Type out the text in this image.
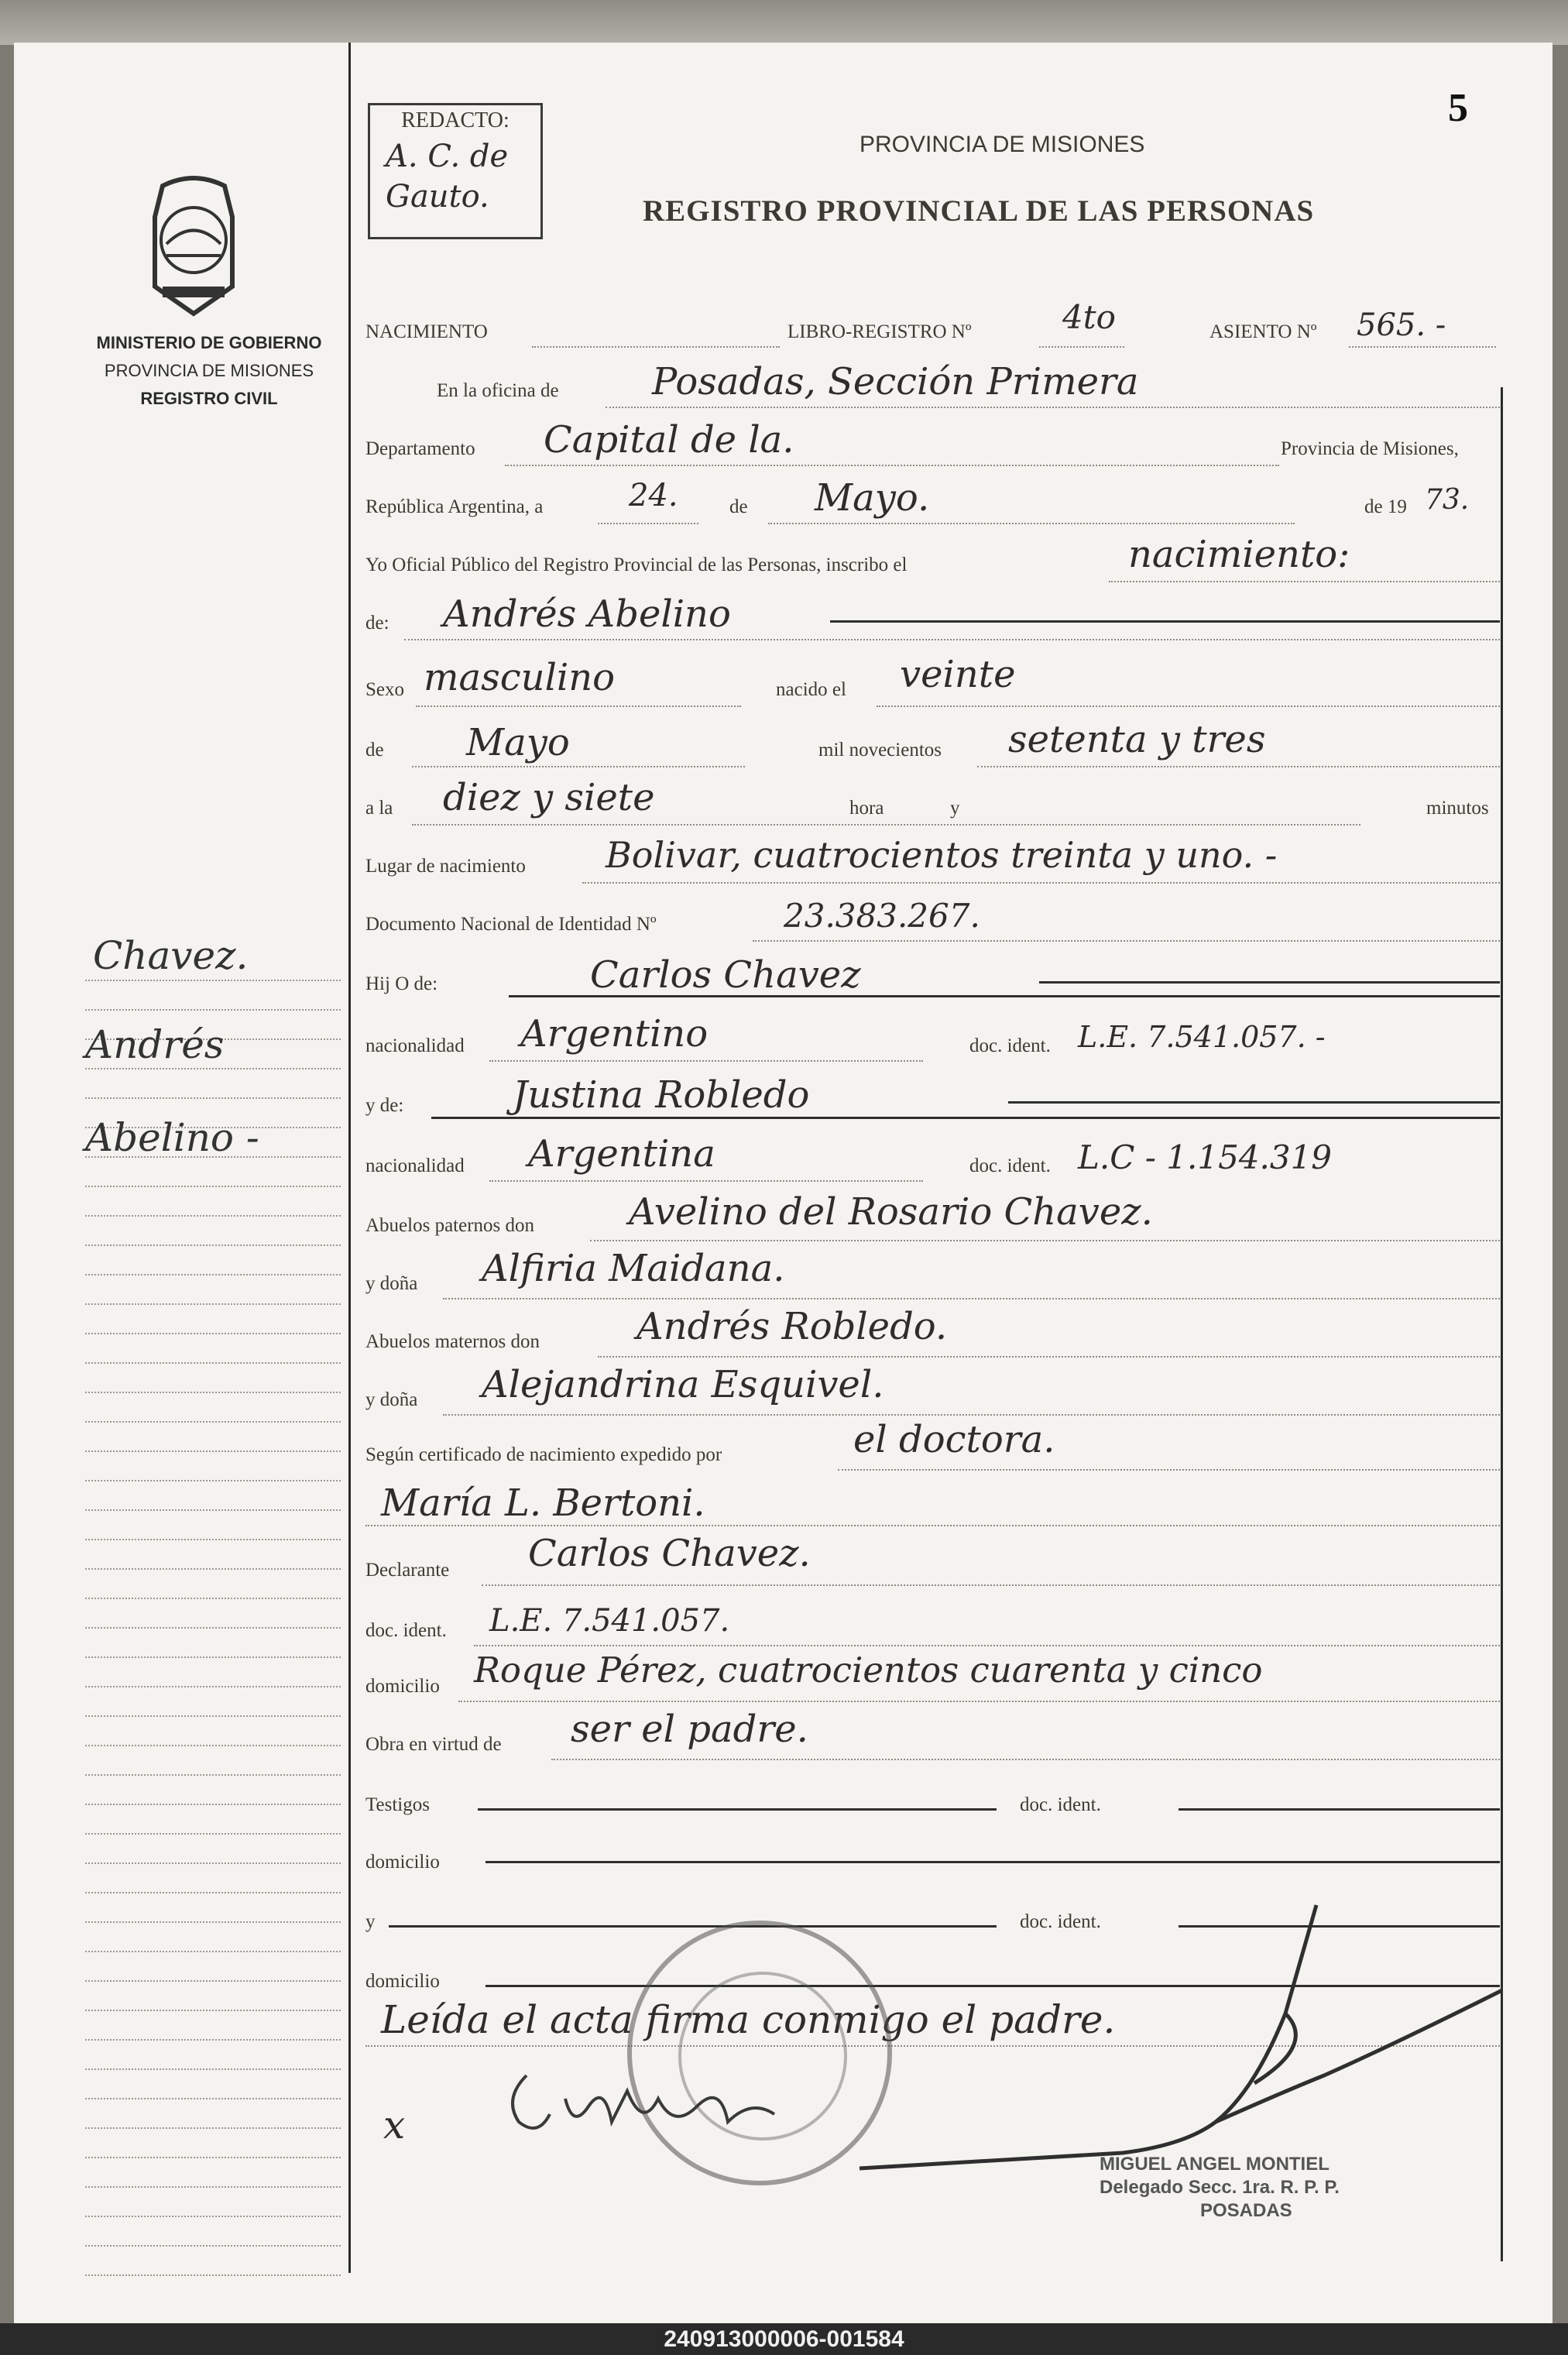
MINISTERIO DE GOBIERNO
PROVINCIA DE MISIONES
REGISTRO CIVIL
Chavez.
Andrés
Abelino -
REDACTO:
A. C. de Gauto.
5
PROVINCIA DE MISIONES
REGISTRO PROVINCIAL DE LAS PERSONAS
NACIMIENTO	LIBRO-REGISTRO Nº	4to	ASIENTO Nº 565. -
En la oficina de	Posadas, Sección Primera
Departamento Capital de la.	Provincia de Misiones,
República Argentina, a	24.	de Mayo.	de 19 73.
Yo Oficial Público del Registro Provincial de las Personas, inscribo el	nacimiento:
de: Andrés Abelino
Sexo masculino	nacido el veinte
de Mayo	mil novecientos setenta y tres
a la diez y siete	hora	y	minutos
Lugar de nacimiento Bolivar, cuatrocientos treinta y uno. -
Documento Nacional de Identidad Nº	23.383.267.
Hij O de:	Carlos Chavez
nacionalidad Argentino	doc. ident. L.E. 7.541.057. -
y de:	Justina Robledo
nacionalidad Argentina	doc. ident. L.C - 1.154.319
Abuelos paternos don	Avelino del Rosario Chavez.
y doña Alfiria Maidana.
Abuelos maternos don	Andrés Robledo.
y doña Alejandrina Esquivel.
Según certificado de nacimiento expedido por	el doctora.
María L. Bertoni.
Declarante Carlos Chavez.
doc. ident. L.E. 7.541.057.
domicilio Roque Pérez, cuatrocientos cuarenta y cinco
Obra en virtud de ser el padre.
Testigos	doc. ident.
domicilio
y	doc. ident.
domicilio
Leída el acta firma conmigo el padre.
x
MIGUEL ANGEL MONTIEL
Delegado Secc. 1ra. R. P. P.
POSADAS
240913000006-001584
